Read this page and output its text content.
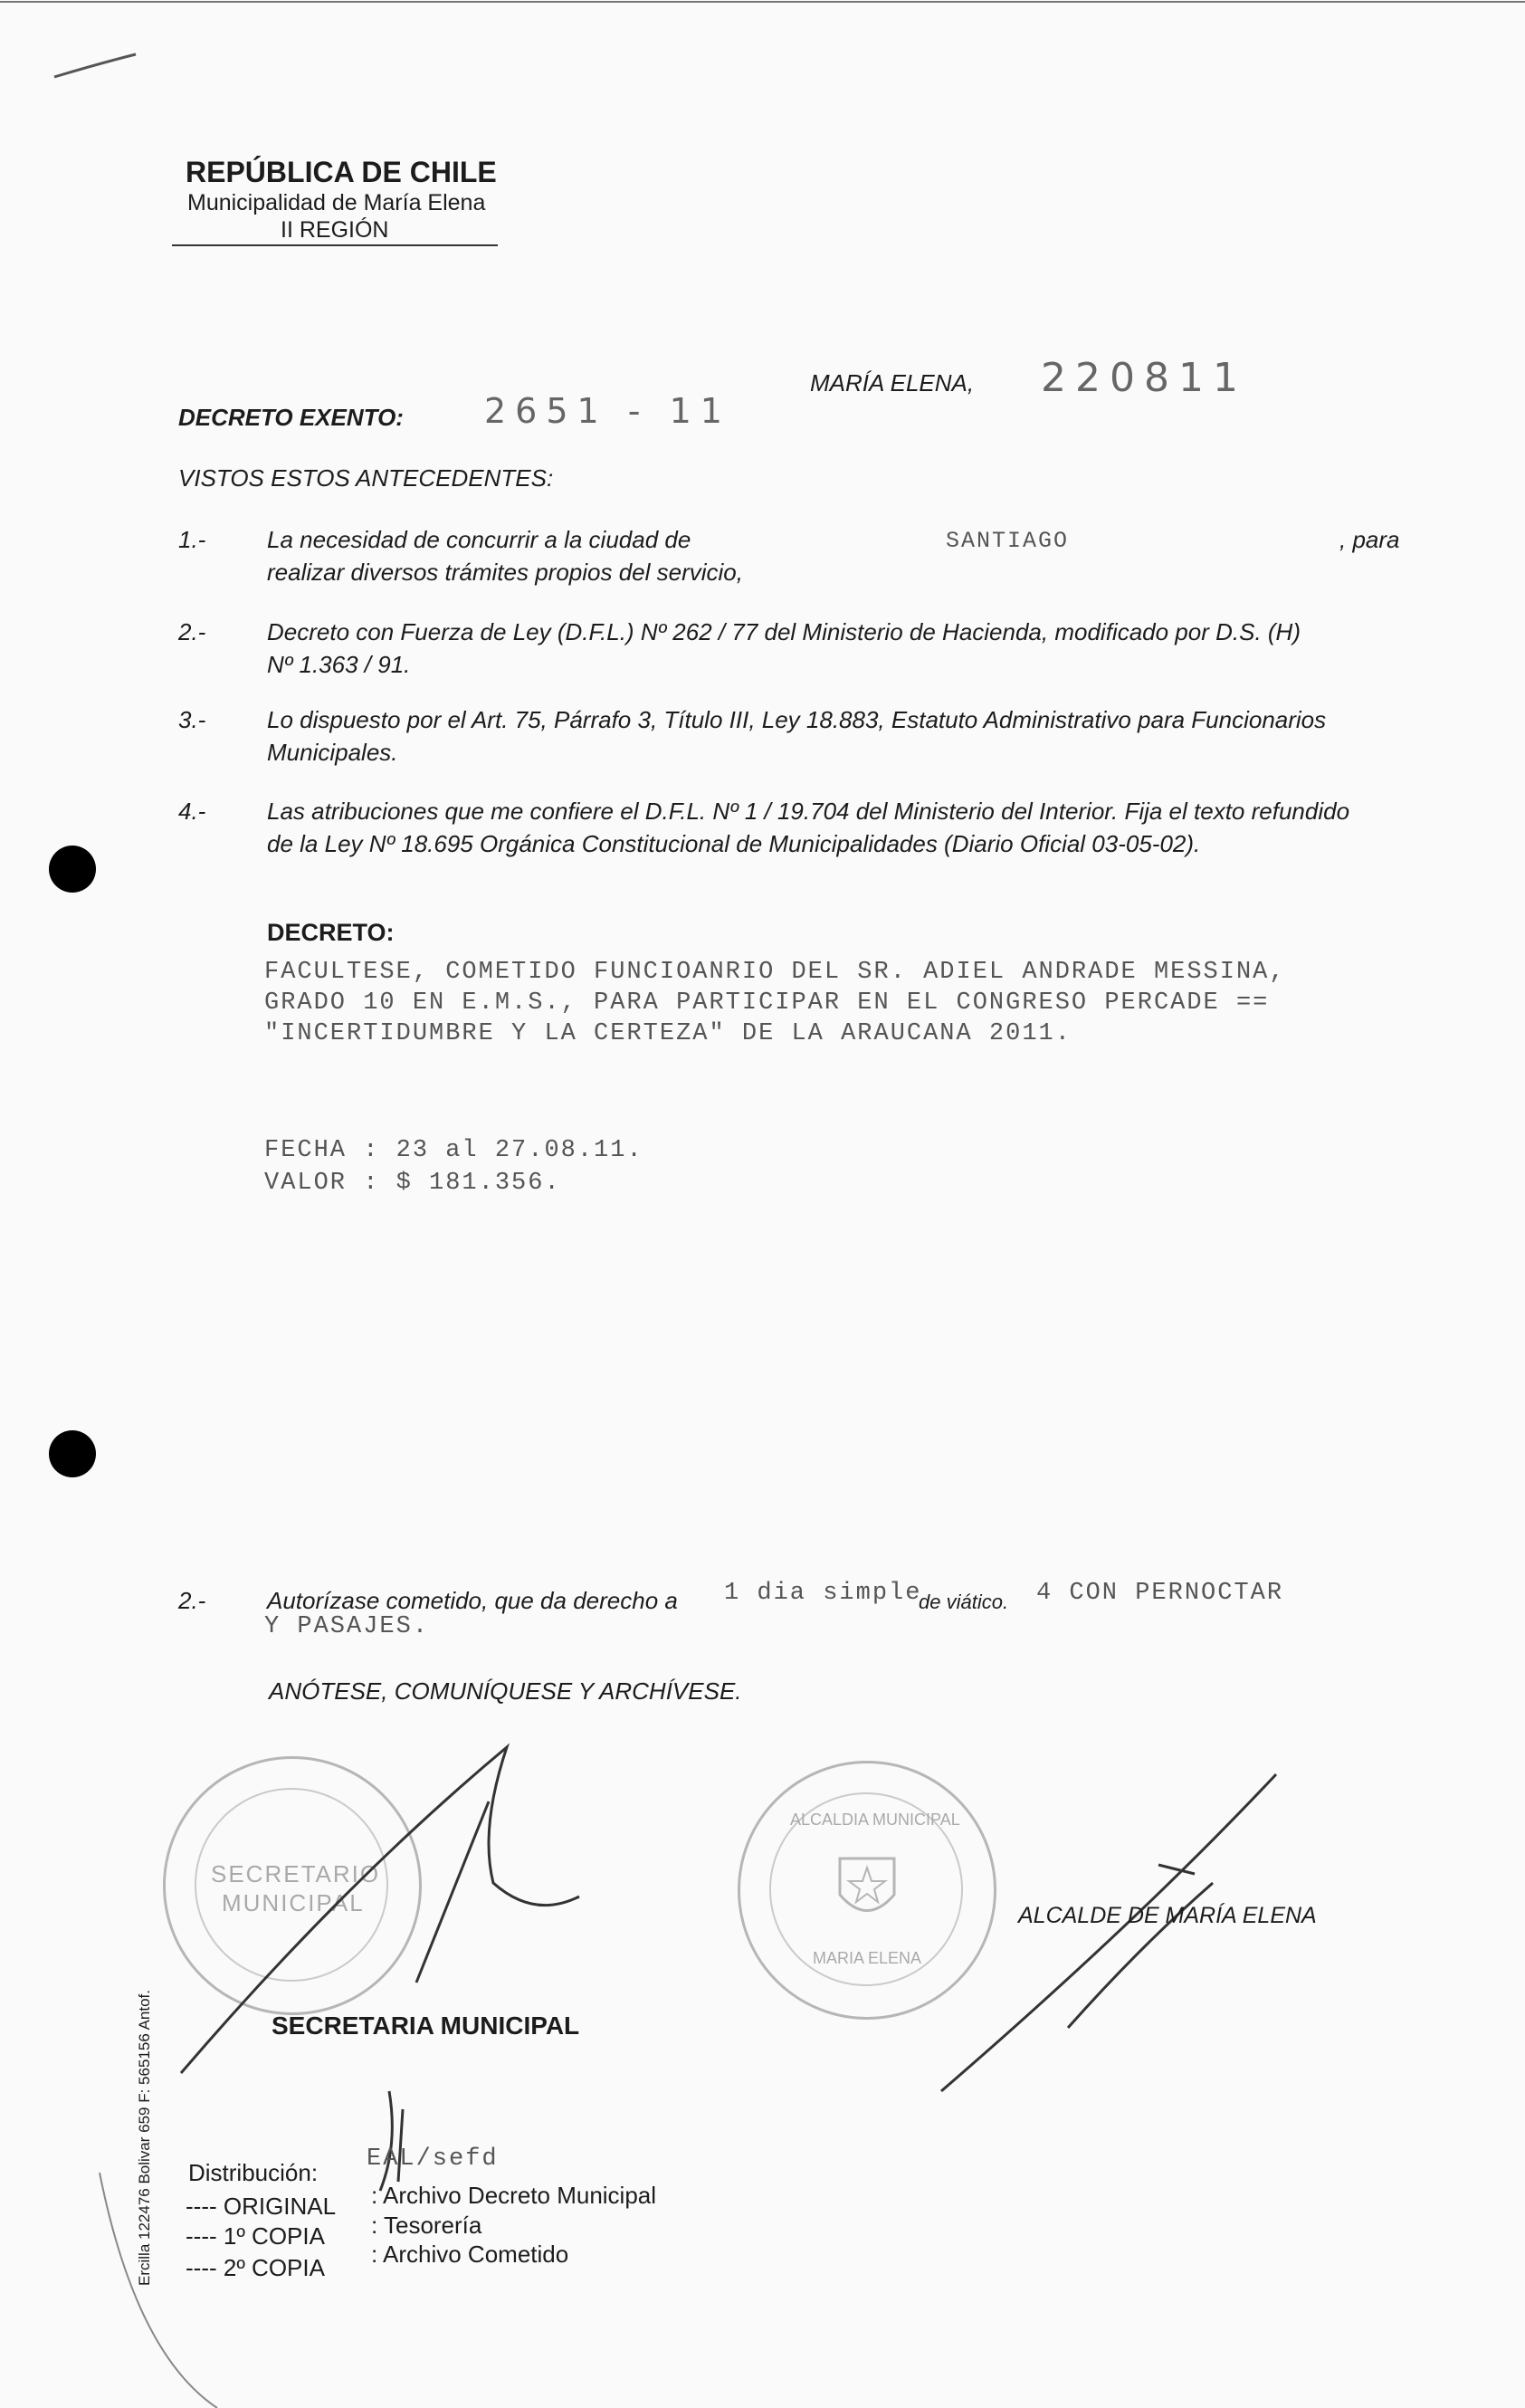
REPÚBLICA DE CHILE
Municipalidad de María Elena
II REGIÓN
DECRETO EXENTO: 2651 - 11
MARÍA ELENA, 220811
VISTOS ESTOS ANTECEDENTES:
1.-	La necesidad de concurrir a la ciudad de	SANTIAGO	, para
realizar diversos trámites propios del servicio,
2.-	Decreto con Fuerza de Ley (D.F.L.) Nº 262 / 77 del Ministerio de Hacienda, modificado por D.S. (H)
Nº 1.363 / 91.
3.-	Lo dispuesto por el Art. 75, Párrafo 3, Título III, Ley 18.883, Estatuto Administrativo para Funcionarios
Municipales.
4.-	Las atribuciones que me confiere el D.F.L. Nº 1 / 19.704 del Ministerio del Interior. Fija el texto refundido
de la Ley Nº 18.695 Orgánica Constitucional de Municipalidades (Diario Oficial 03-05-02).
DECRETO:
FACULTESE, COMETIDO FUNCIOANRIO DEL SR. ADIEL ANDRADE MESSINA,
GRADO 10 EN E.M.S., PARA PARTICIPAR EN EL CONGRESO PERCADE ==
"INCERTIDUMBRE Y LA CERTEZA" DE LA ARAUCANA 2011.
FECHA : 23 al 27.08.11.
VALOR : $ 181.356.
2.-	Autorízase cometido, que da derecho a 1 dia simple
de viático. 4 CON PERNOCTAR
Y PASAJES.
ANÓTESE, COMUNÍQUESE Y ARCHÍVESE.
SECRETARIO
MUNICIPAL
ALCALDIA MUNICIPAL
MARIA ELENA
SECRETARIA MUNICIPAL
ALCALDE DE MARÍA ELENA
Distribución: EAL/sefd
---- ORIGINAL : Archivo Decreto Municipal
---- 1º COPIA : Tesorería
---- 2º COPIA : Archivo Cometido
Ercilla 122476 Bolivar 659 F: 565156 Antof.
